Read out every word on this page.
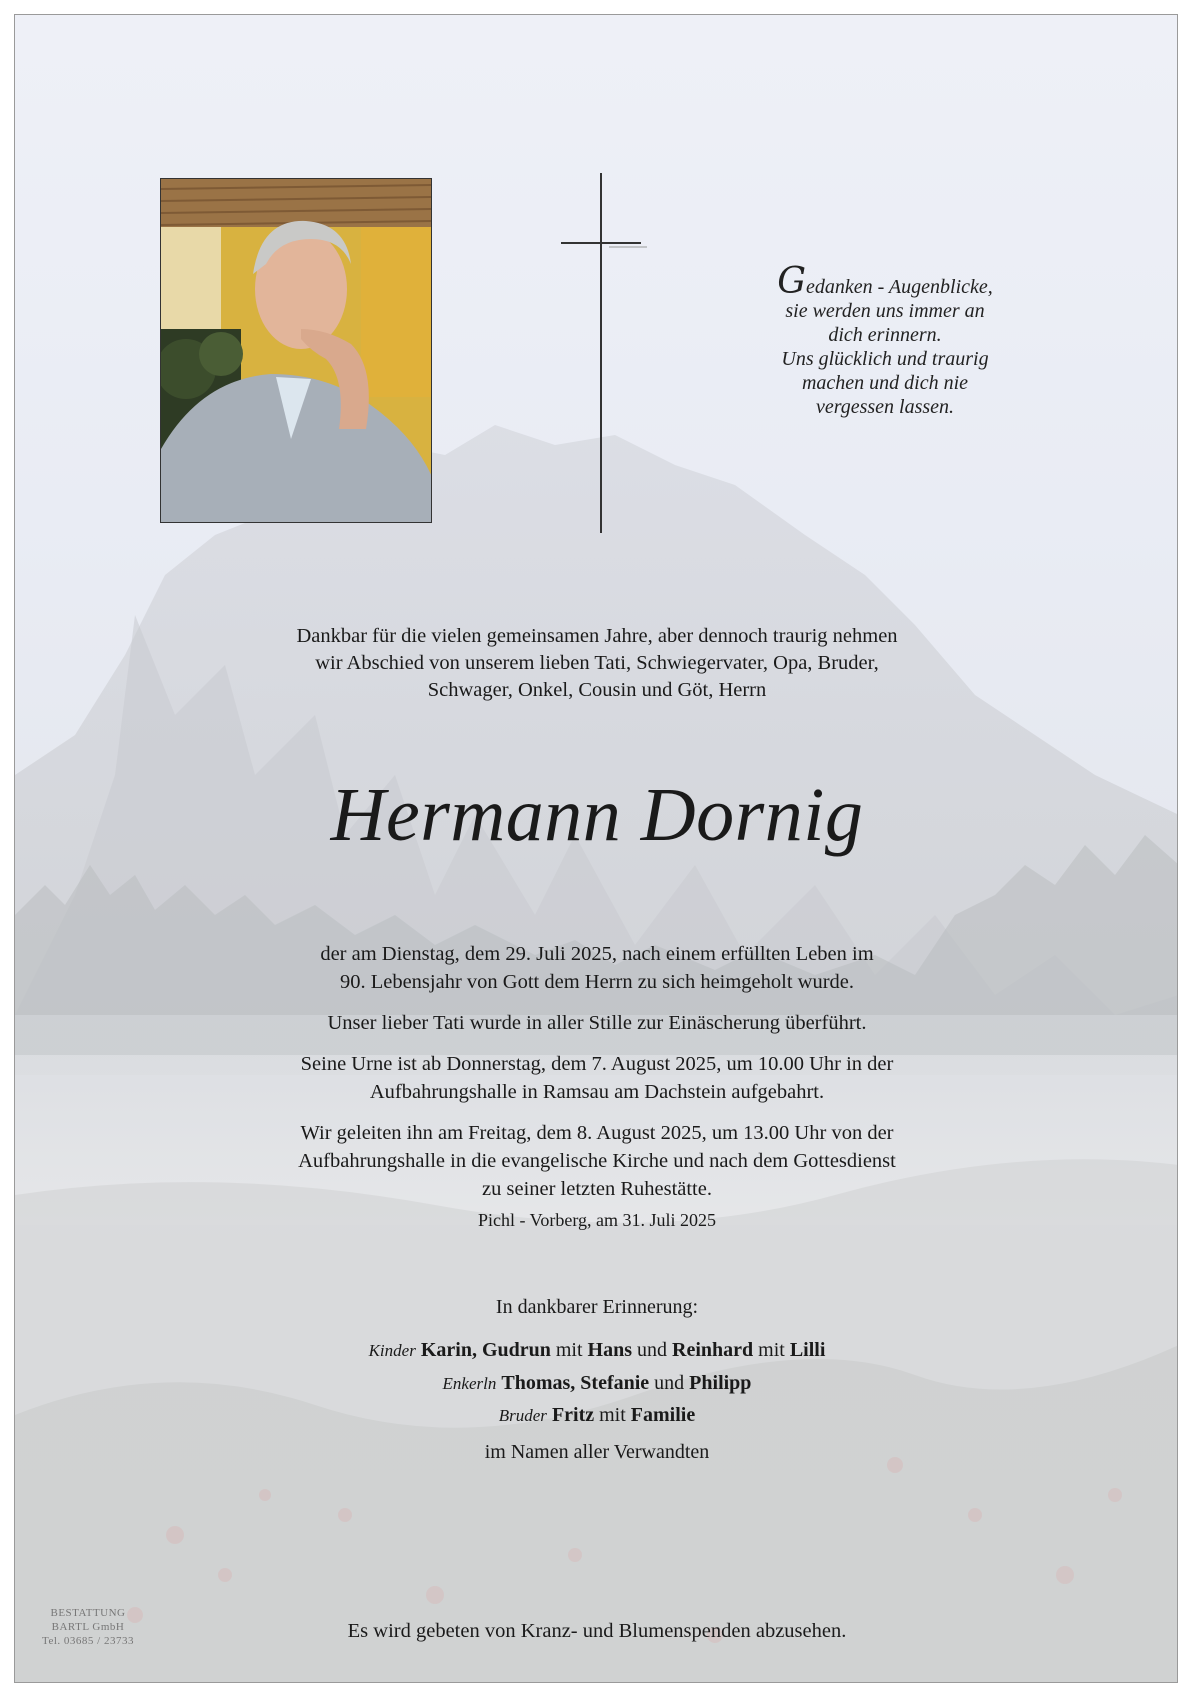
Gedanken - Augenblicke,
sie werden uns immer an
dich erinnern.
Uns glücklich und traurig
machen und dich nie
vergessen lassen.
Dankbar für die vielen gemeinsamen Jahre, aber dennoch traurig nehmen
wir Abschied von unserem lieben Tati, Schwiegervater, Opa, Bruder,
Schwager, Onkel, Cousin und Göt, Herrn
Hermann Dornig
der am Dienstag, dem 29. Juli 2025, nach einem erfüllten Leben im
90. Lebensjahr von Gott dem Herrn zu sich heimgeholt wurde.
Unser lieber Tati wurde in aller Stille zur Einäscherung überführt.
Seine Urne ist ab Donnerstag, dem 7. August 2025, um 10.00 Uhr in der
Aufbahrungshalle in Ramsau am Dachstein aufgebahrt.
Wir geleiten ihn am Freitag, dem 8. August 2025, um 13.00 Uhr von der
Aufbahrungshalle in die evangelische Kirche und nach dem Gottesdienst
zu seiner letzten Ruhestätte.
Pichl - Vorberg, am 31. Juli 2025
In dankbarer Erinnerung:
Kinder Karin, Gudrun mit Hans und Reinhard mit Lilli
Enkerln Thomas, Stefanie und Philipp
Bruder Fritz mit Familie
im Namen aller Verwandten
Es wird gebeten von Kranz- und Blumenspenden abzusehen.
BESTATTUNG
BARTL GmbH
Tel. 03685 / 23733
